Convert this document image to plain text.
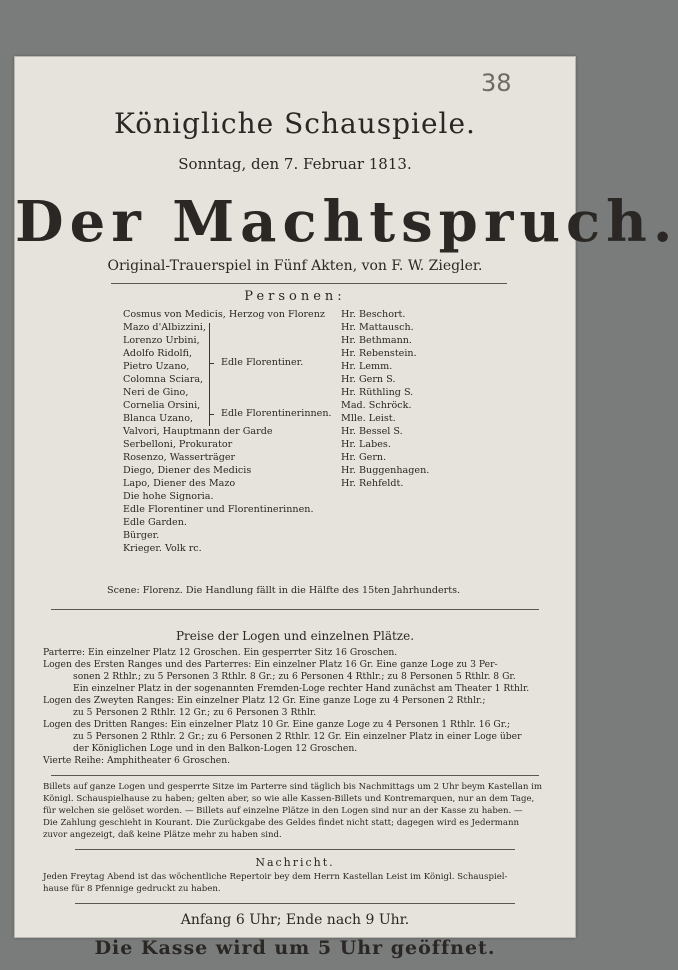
38
Königliche Schauspiele.
Sonntag, den 7. Februar 1813.
Der Machtspruch.
Original-Trauerspiel in Fünf Akten, von F. W. Ziegler.
Personen:
Cosmus von Medicis, Herzog von Florenz
Mazo d'Albizzini,
Lorenzo Urbini,
Adolfo Ridolfi,
Pietro Uzano,
Colomna Sciara,
Neri de Gino,
Cornelia Orsini,
Blanca Uzano,
Valvori, Hauptmann der Garde
Serbelloni, Prokurator
Rosenzo, Wasserträger
Diego, Diener des Medicis
Lapo, Diener des Mazo
Die hohe Signoria.
Edle Florentiner und Florentinerinnen.
Edle Garden.
Bürger.
Krieger. Volk rc.
Edle Florentiner.
Edle Florentinerinnen.
Hr. Beschort.
Hr. Mattausch.
Hr. Bethmann.
Hr. Rebenstein.
Hr. Lemm.
Hr. Gern S.
Hr. Rüthling S.
Mad. Schröck.
Mlle. Leist.
Hr. Bessel S.
Hr. Labes.
Hr. Gern.
Hr. Buggenhagen.
Hr. Rehfeldt.
Scene: Florenz. Die Handlung fällt in die Hälfte des 15ten Jahrhunderts.
Preise der Logen und einzelnen Plätze.
Parterre: Ein einzelner Platz 12 Groschen. Ein gesperrter Sitz 16 Groschen.
Logen des Ersten Ranges und des Parterres: Ein einzelner Platz 16 Gr. Eine ganze Loge zu 3 Per-
sonen 2 Rthlr.; zu 5 Personen 3 Rthlr. 8 Gr.; zu 6 Personen 4 Rthlr.; zu 8 Personen 5 Rthlr. 8 Gr.
Ein einzelner Platz in der sogenannten Fremden-Loge rechter Hand zunächst am Theater 1 Rthlr.
Logen des Zweyten Ranges: Ein einzelner Platz 12 Gr. Eine ganze Loge zu 4 Personen 2 Rthlr.;
zu 5 Personen 2 Rthlr. 12 Gr.; zu 6 Personen 3 Rthlr.
Logen des Dritten Ranges: Ein einzelner Platz 10 Gr. Eine ganze Loge zu 4 Personen 1 Rthlr. 16 Gr.;
zu 5 Personen 2 Rthlr. 2 Gr.; zu 6 Personen 2 Rthlr. 12 Gr. Ein einzelner Platz in einer Loge über
der Königlichen Loge und in den Balkon-Logen 12 Groschen.
Vierte Reihe: Amphitheater 6 Groschen.
Billets auf ganze Logen und gesperrte Sitze im Parterre sind täglich bis Nachmittags um 2 Uhr beym Kastellan im
Königl. Schauspielhause zu haben; gelten aber, so wie alle Kassen-Billets und Kontremarquen, nur an dem Tage,
für welchen sie gelöset worden. — Billets auf einzelne Plätze in den Logen sind nur an der Kasse zu haben. —
Die Zahlung geschieht in Kourant. Die Zurückgabe des Geldes findet nicht statt; dagegen wird es Jedermann
zuvor angezeigt, daß keine Plätze mehr zu haben sind.
Nachricht.
Jeden Freytag Abend ist das wöchentliche Repertoir bey dem Herrn Kastellan Leist im Königl. Schauspiel-
hause für 8 Pfennige gedruckt zu haben.
Anfang 6 Uhr; Ende nach 9 Uhr.
Die Kasse wird um 5 Uhr geöffnet.
